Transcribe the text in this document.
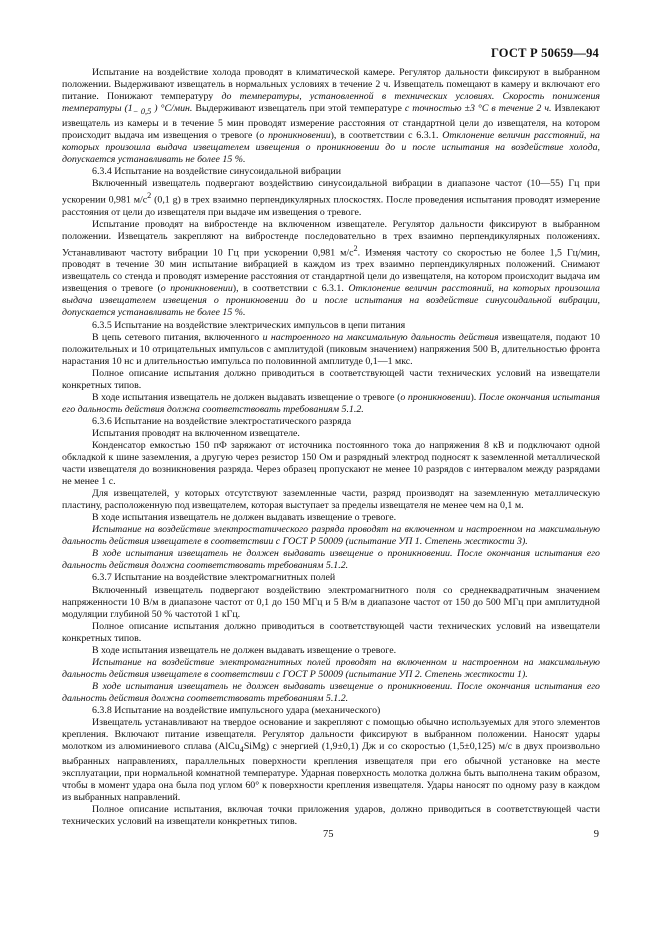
ГОСТ Р 50659—94

Испытание на воздействие холода проводят в климатической камере. Регулятор дальности фиксируют в выбранном положении. Выдерживают извещатель в нормальных условиях в течение 2 ч. Извещатель помещают в камеру и включают его питание. Понижают температуру до температуры, установленной в технических условиях. Скорость понижения температуры ($1_{- 0,5}$ ) °С/мин. Выдерживают извещатель при этой температуре с точностью ±3 °С в течение 2 ч. Извлекают извещатель из камеры и в течение 5 мин проводят измерение расстояния от стандартной цели до извещателя, на котором происходит выдача им извещения о тревоге (о проникновении), в соответствии с 6.3.1. Отклонение величин расстояний, на которых произошла выдача извещателем извещения о проникновении до и после испытания на воздействие холода, допускается устанавливать не более 15 %.

6.3.4 Испытание на воздействие синусоидальной вибрации

Включенный извещатель подвергают воздействию синусоидальной вибрации в диапазоне частот (10—55) Гц при ускорении 0,981 $м/с^2$ (0,1 g) в трех взаимно перпендикулярных плоскостях. После проведения испытания проводят измерение расстояния от цели до извещателя при выдаче им извещения о тревоге.

Испытание проводят на вибростенде на включенном извещателе. Регулятор дальности фиксируют в выбранном положении. Извещатель закрепляют на вибростенде последовательно в трех взаимно перпендикулярных положениях. Устанавливают частоту вибрации 10 Гц при ускорении 0,981 $м/с^2$. Изменяя частоту со скоростью не более 1,5 Гц/мин, проводят в течение 30 мин испытание вибрацией в каждом из трех взаимно перпендикулярных положений. Снимают извещатель со стенда и проводят измерение расстояния от стандартной цели до извещателя, на котором происходит выдача им извещения о тревоге (о проникновении), в соответствии с 6.3.1. Отклонение величин расстояний, на которых произошла выдача извещателем извещения о проникновении до и после испытания на воздействие синусоидальной вибрации, допускается устанавливать не более 15 %.

6.3.5 Испытание на воздействие электрических импульсов в цепи питания

В цепь сетевого питания, включенного и настроенного на максимальную дальность действия извещателя, подают 10 положительных и 10 отрицательных импульсов с амплитудой (пиковым значением) напряжения 500 В, длительностью фронта нарастания 10 нс и длительностью импульса по половинной амплитуде 0,1—1 мкс.

Полное описание испытания должно приводиться в соответствующей части технических условий на извещатели конкретных типов.

В ходе испытания извещатель не должен выдавать извещение о тревоге (о проникновении). После окончания испытания его дальность действия должна соответствовать требованиям 5.1.2.

6.3.6 Испытание на воздействие электростатического разряда

Испытания проводят на включенном извещателе.

Конденсатор емкостью 150 пФ заряжают от источника постоянного тока до напряжения 8 кВ и подключают одной обкладкой к шине заземления, а другую через резистор 150 Ом и разрядный электрод подносят к заземленной металлической части извещателя до возникновения разряда. Через образец пропускают не менее 10 разрядов с интервалом между разрядами не менее 1 с.

Для извещателей, у которых отсутствуют заземленные части, разряд производят на заземленную металлическую пластину, расположенную под извещателем, которая выступает за пределы извещателя не менее чем на 0,1 м.

В ходе испытания извещатель не должен выдавать извещение о тревоге.

Испытание на воздействие электростатического разряда проводят на включенном и настроенном на максимальную дальность действия извещателе в соответствии с ГОСТ Р 50009 (испытание УП 1. Степень жесткости 3).

В ходе испытания извещатель не должен выдавать извещение о проникновении. После окончания испытания его дальность действия должна соответствовать требованиям 5.1.2.

6.3.7 Испытание на воздействие электромагнитных полей

Включенный извещатель подвергают воздействию электромагнитного поля со среднеквадратичным значением напряженности 10 В/м в диапазоне частот от 0,1 до 150 МГц и 5 В/м в диапазоне частот от 150 до 500 МГц при амплитудной модуляции глубиной 50 % частотой 1 кГц.

Полное описание испытания должно приводиться в соответствующей части технических условий на извещатели конкретных типов.

В ходе испытания извещатель не должен выдавать извещение о тревоге.

Испытание на воздействие электромагнитных полей проводят на включенном и настроенном на максимальную дальность действия извещателе в соответствии с ГОСТ Р 50009 (испытание УП 2. Степень жесткости 1).

В ходе испытания извещатель не должен выдавать извещение о проникновении. После окончания испытания его дальность действия должна соответствовать требованиям 5.1.2.

6.3.8 Испытание на воздействие импульсного удара (механического)

Извещатель устанавливают на твердое основание и закрепляют с помощью обычно используемых для этого элементов крепления. Включают питание извещателя. Регулятор дальности фиксируют в выбранном положении. Наносят удары молотком из алюминиевого сплава (AlCu$_4$SiMg) с энергией (1,9±0,1) Дж и со скоростью (1,5±0,125) м/с в двух произвольно выбранных направлениях, параллельных поверхности крепления извещателя при его обычной установке на месте эксплуатации, при нормальной комнатной температуре. Ударная поверхность молотка должна быть выполнена таким образом, чтобы в момент удара она была под углом 60° к поверхности крепления извещателя. Удары наносят по одному разу в каждом из выбранных направлений.

Полное описание испытания, включая точки приложения ударов, должно приводиться в соответствующей части технических условий на извещатели конкретных типов.

75	9
